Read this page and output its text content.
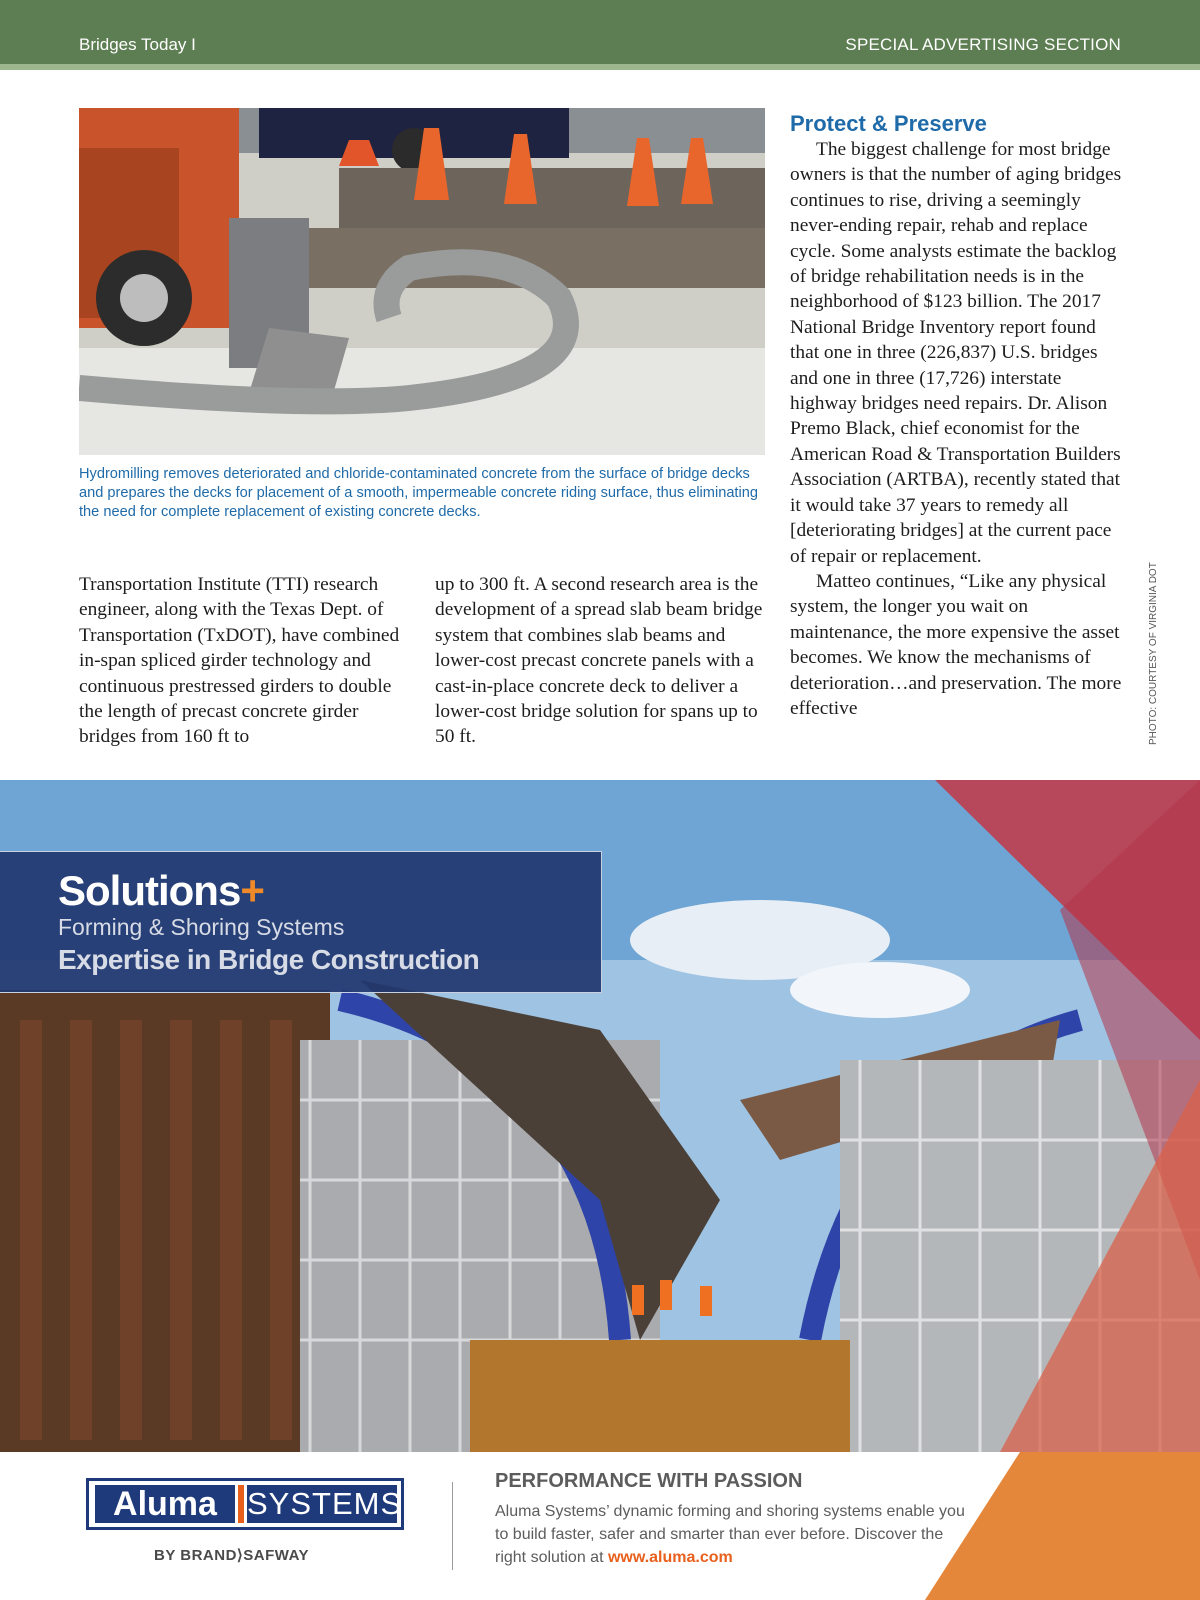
Bridges Today I	SPECIAL ADVERTISING SECTION
Hydromilling removes deteriorated and chloride-contaminated concrete from the surface of bridge decks and prepares the decks for placement of a smooth, impermeable concrete riding surface, thus eliminating the need for complete replacement of existing concrete decks.

Transportation Institute (TTI) research engineer, along with the Texas Dept. of Transportation (TxDOT), have combined in-span spliced girder technology and continuous prestressed girders to double the length of precast concrete girder bridges from 160 ft to

up to 300 ft. A second research area is the development of a spread slab beam bridge system that combines slab beams and lower-cost precast concrete panels with a cast-in-place concrete deck to deliver a lower-cost bridge solution for spans up to 50 ft.

Protect & Preserve

The biggest challenge for most bridge owners is that the number of aging bridges continues to rise, driving a seemingly never-ending repair, rehab and replace cycle. Some analysts estimate the backlog of bridge rehabilitation needs is in the neighborhood of $123 billion. The 2017 National Bridge Inventory report found that one in three (226,837) U.S. bridges and one in three (17,726) interstate highway bridges need repairs. Dr. Alison Premo Black, chief economist for the American Road & Transportation Builders Association (ARTBA), recently stated that it would take 37 years to remedy all [deteriorating bridges] at the current pace of repair or replacement.

Matteo continues, “Like any physical system, the longer you wait on maintenance, the more expensive the asset becomes. We know the mechanisms of deterioration…and preservation. The more effective	PHOTO: COURTESY OF VIRGINIA DOT
Solutions+
Forming & Shoring Systems
Expertise in Bridge Construction
Aluma SYSTEMS
BY BRAND⟩SAFWAY
PERFORMANCE WITH PASSION
Aluma Systems’ dynamic forming and shoring systems enable you to build faster, safer and smarter than ever before. Discover the right solution at www.aluma.com
